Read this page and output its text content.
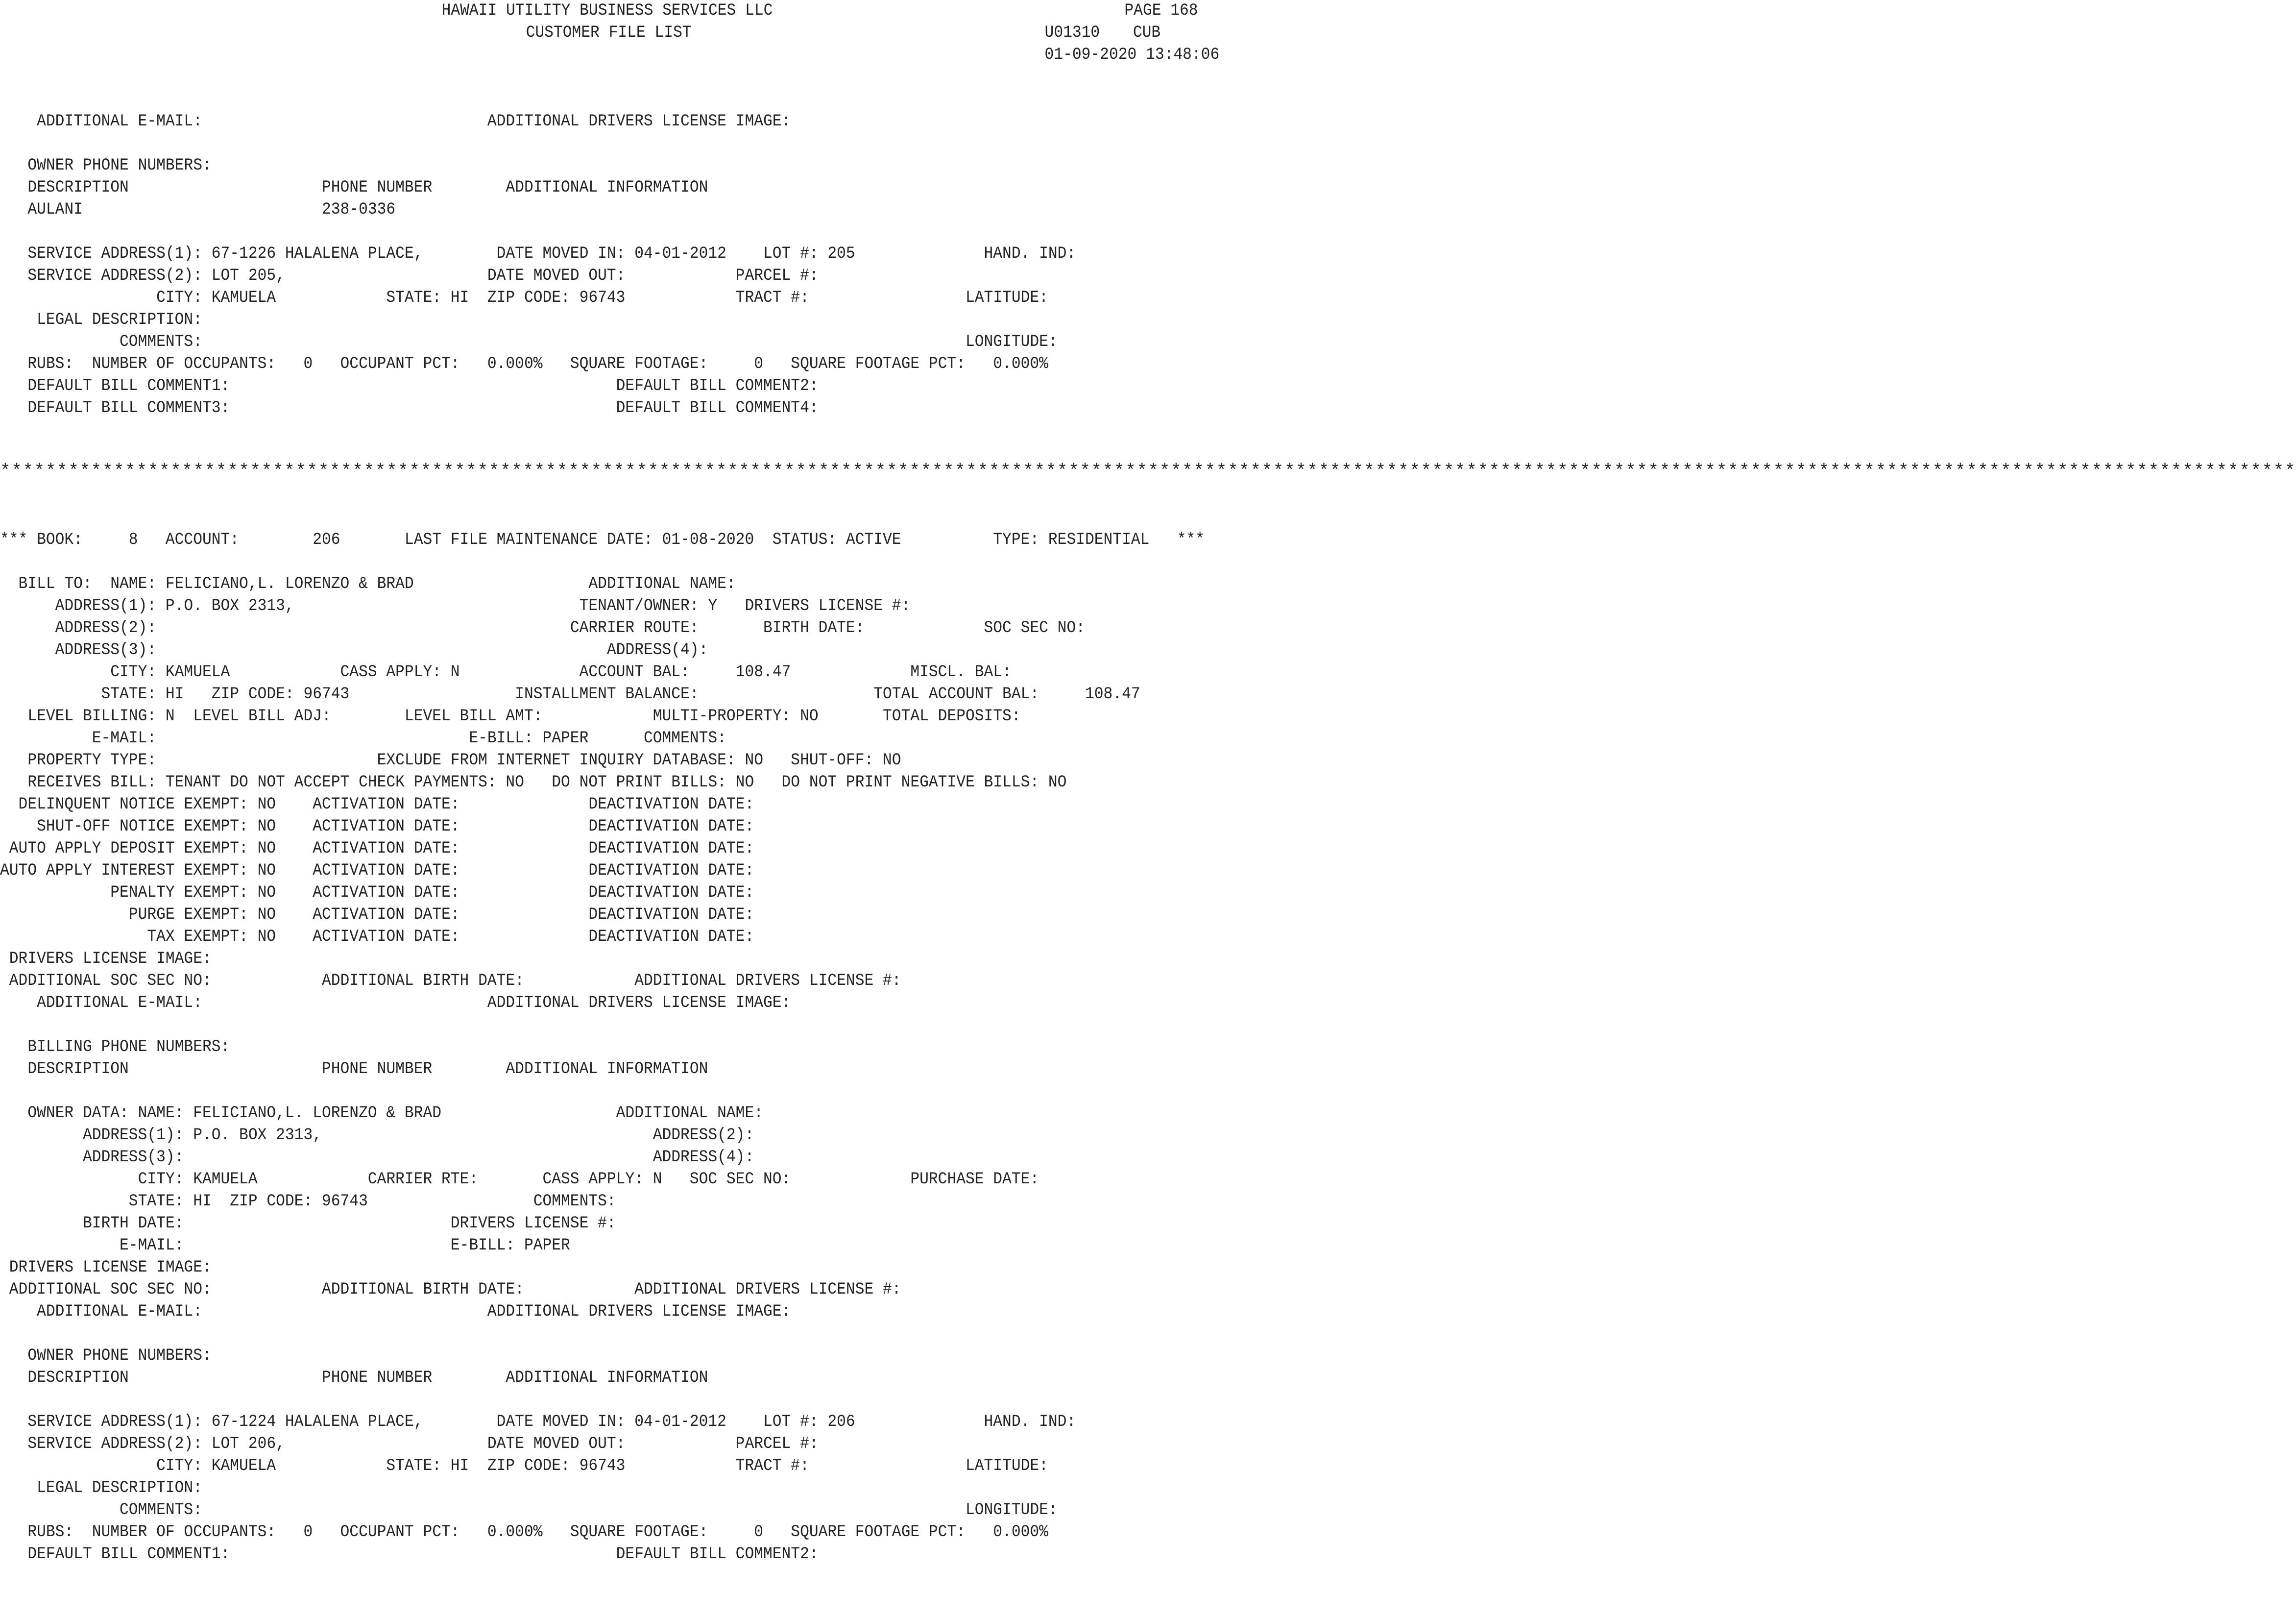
HAWAII UTILITY BUSINESS SERVICES LLC	PAGE 168
CUSTOMER FILE LIST	U01310 CUB
01-09-2020 13:48:06
**********************************************************************************************************************************************************************************************************
ADDITIONAL E-MAIL:                               ADDITIONAL DRIVERS LICENSE IMAGE:
OWNER PHONE NUMBERS:
DESCRIPTION                     PHONE NUMBER        ADDITIONAL INFORMATION
AULANI                          238-0336
SERVICE ADDRESS(1): 67-1226 HALALENA PLACE,        DATE MOVED IN: 04-01-2012    LOT #: 205              HAND. IND:
SERVICE ADDRESS(2): LOT 205,                      DATE MOVED OUT:            PARCEL #:
CITY: KAMUELA            STATE: HI  ZIP CODE: 96743            TRACT #:                 LATITUDE:
LEGAL DESCRIPTION:
COMMENTS:                                                                                   LONGITUDE:
RUBS:  NUMBER OF OCCUPANTS:   0   OCCUPANT PCT:   0.000%   SQUARE FOOTAGE:     0   SQUARE FOOTAGE PCT:   0.000%
DEFAULT BILL COMMENT1:                                          DEFAULT BILL COMMENT2:
DEFAULT BILL COMMENT3:                                          DEFAULT BILL COMMENT4:
*** BOOK:     8   ACCOUNT:        206       LAST FILE MAINTENANCE DATE: 01-08-2020  STATUS: ACTIVE          TYPE: RESIDENTIAL   ***
BILL TO:  NAME: FELICIANO,L. LORENZO & BRAD                   ADDITIONAL NAME:
ADDRESS(1): P.O. BOX 2313,                               TENANT/OWNER: Y   DRIVERS LICENSE #:
ADDRESS(2):                                             CARRIER ROUTE:       BIRTH DATE:             SOC SEC NO:
ADDRESS(3):                                                 ADDRESS(4):
CITY: KAMUELA            CASS APPLY: N             ACCOUNT BAL:     108.47             MISCL. BAL:
STATE: HI   ZIP CODE: 96743                  INSTALLMENT BALANCE:                   TOTAL ACCOUNT BAL:     108.47
LEVEL BILLING: N  LEVEL BILL ADJ:        LEVEL BILL AMT:            MULTI-PROPERTY: NO       TOTAL DEPOSITS:
E-MAIL:                                  E-BILL: PAPER      COMMENTS:
PROPERTY TYPE:                        EXCLUDE FROM INTERNET INQUIRY DATABASE: NO   SHUT-OFF: NO
RECEIVES BILL: TENANT DO NOT ACCEPT CHECK PAYMENTS: NO   DO NOT PRINT BILLS: NO   DO NOT PRINT NEGATIVE BILLS: NO
DELINQUENT NOTICE EXEMPT: NO    ACTIVATION DATE:              DEACTIVATION DATE:
SHUT-OFF NOTICE EXEMPT: NO    ACTIVATION DATE:              DEACTIVATION DATE:
AUTO APPLY DEPOSIT EXEMPT: NO    ACTIVATION DATE:              DEACTIVATION DATE:
AUTO APPLY INTEREST EXEMPT: NO    ACTIVATION DATE:              DEACTIVATION DATE:
PENALTY EXEMPT: NO    ACTIVATION DATE:              DEACTIVATION DATE:
PURGE EXEMPT: NO    ACTIVATION DATE:              DEACTIVATION DATE:
TAX EXEMPT: NO    ACTIVATION DATE:              DEACTIVATION DATE:
DRIVERS LICENSE IMAGE:
ADDITIONAL SOC SEC NO:            ADDITIONAL BIRTH DATE:            ADDITIONAL DRIVERS LICENSE #:
ADDITIONAL E-MAIL:                               ADDITIONAL DRIVERS LICENSE IMAGE:
BILLING PHONE NUMBERS:
DESCRIPTION                     PHONE NUMBER        ADDITIONAL INFORMATION
OWNER DATA: NAME: FELICIANO,L. LORENZO & BRAD                   ADDITIONAL NAME:
ADDRESS(1): P.O. BOX 2313,                                    ADDRESS(2):
ADDRESS(3):                                                   ADDRESS(4):
CITY: KAMUELA            CARRIER RTE:       CASS APPLY: N   SOC SEC NO:             PURCHASE DATE:
STATE: HI  ZIP CODE: 96743                  COMMENTS:
BIRTH DATE:                             DRIVERS LICENSE #:
E-MAIL:                             E-BILL: PAPER
DRIVERS LICENSE IMAGE:
ADDITIONAL SOC SEC NO:            ADDITIONAL BIRTH DATE:            ADDITIONAL DRIVERS LICENSE #:
ADDITIONAL E-MAIL:                               ADDITIONAL DRIVERS LICENSE IMAGE:
OWNER PHONE NUMBERS:
DESCRIPTION                     PHONE NUMBER        ADDITIONAL INFORMATION
SERVICE ADDRESS(1): 67-1224 HALALENA PLACE,        DATE MOVED IN: 04-01-2012    LOT #: 206              HAND. IND:
SERVICE ADDRESS(2): LOT 206,                      DATE MOVED OUT:            PARCEL #:
CITY: KAMUELA            STATE: HI  ZIP CODE: 96743            TRACT #:                 LATITUDE:
LEGAL DESCRIPTION:
COMMENTS:                                                                                   LONGITUDE:
RUBS:  NUMBER OF OCCUPANTS:   0   OCCUPANT PCT:   0.000%   SQUARE FOOTAGE:     0   SQUARE FOOTAGE PCT:   0.000%
DEFAULT BILL COMMENT1:                                          DEFAULT BILL COMMENT2:
